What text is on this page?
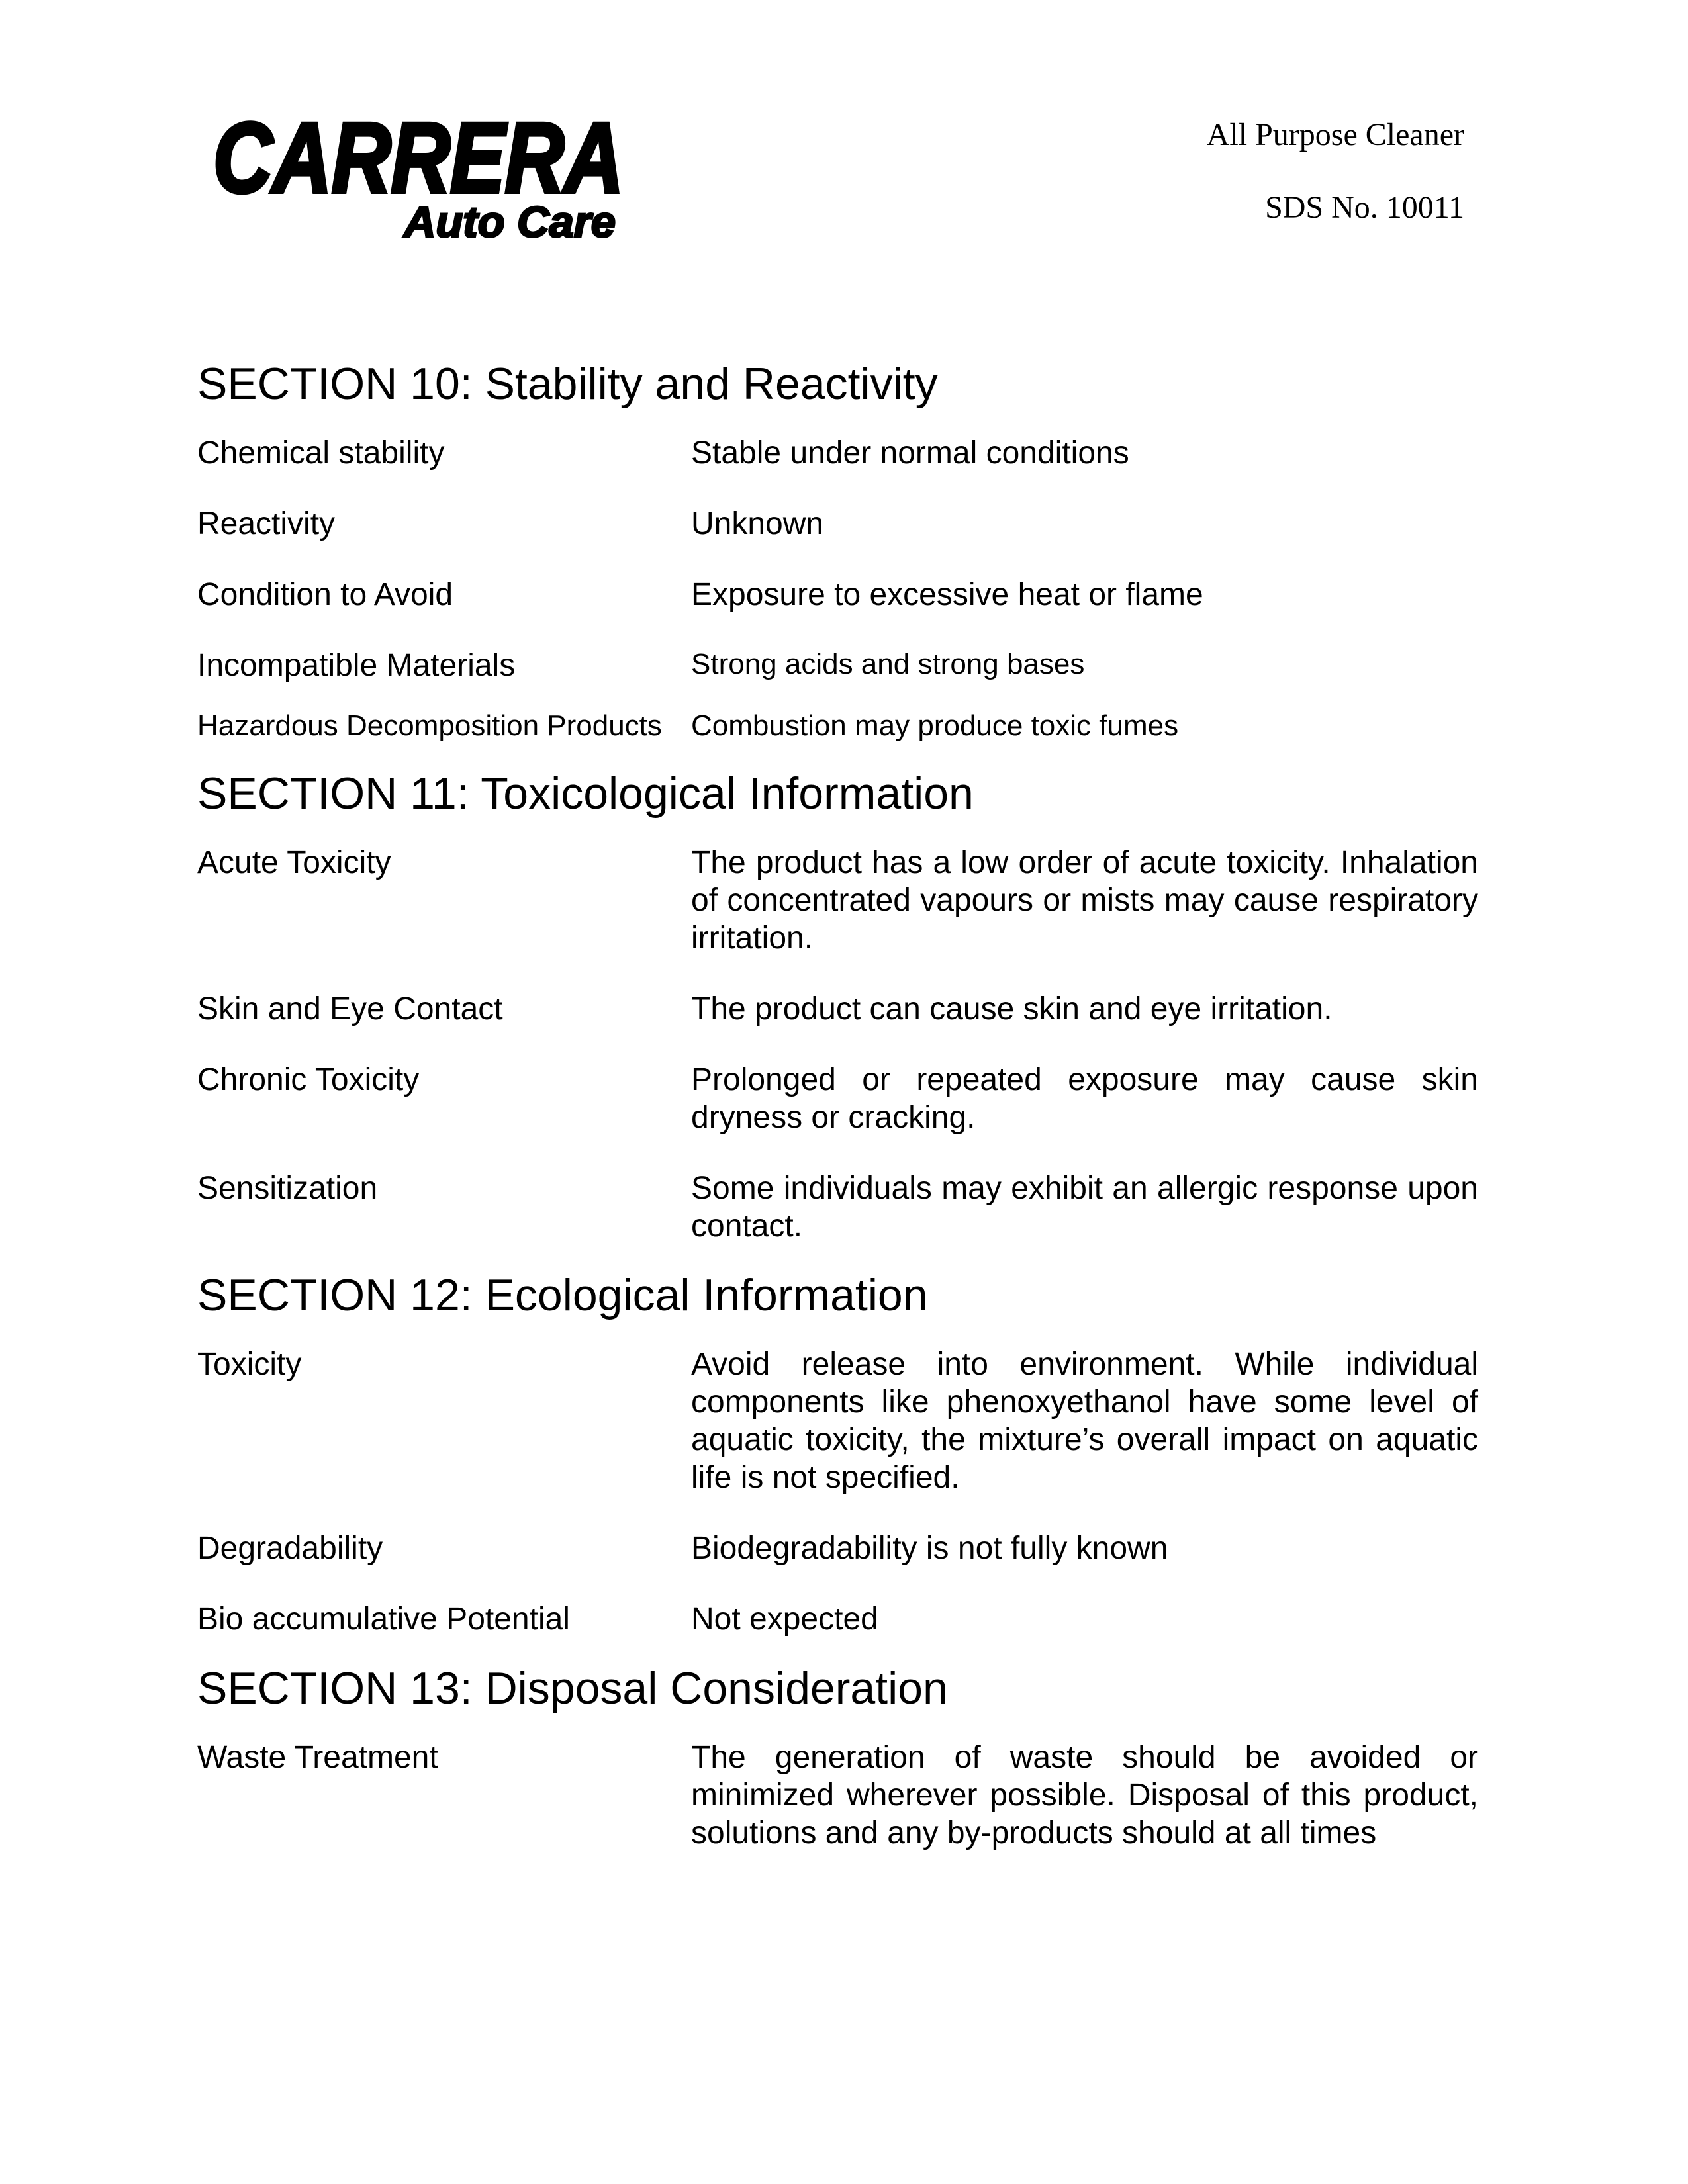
CARRERA
Auto Care
All Purpose Cleaner
SDS No. 10011
SECTION 10: Stability and Reactivity
Chemical stability	Stable under normal conditions
Reactivity	Unknown
Condition to Avoid	Exposure to excessive heat or flame
Incompatible Materials	Strong acids and strong bases
Hazardous Decomposition Products	Combustion may produce toxic fumes
SECTION 11: Toxicological Information
Acute Toxicity	The product has a low order of acute toxicity. Inhalation of concentrated vapours or mists may cause respiratory irritation.
Skin and Eye Contact	The product can cause skin and eye irritation.
Chronic Toxicity	Prolonged or repeated exposure may cause skin dryness or cracking.
Sensitization	Some individuals may exhibit an allergic response upon contact.
SECTION 12: Ecological Information
Toxicity	Avoid release into environment. While individual components like phenoxyethanol have some level of aquatic toxicity, the mixture’s overall impact on aquatic life is not specified.
Degradability	Biodegradability is not fully known
Bio accumulative Potential	Not expected
SECTION 13: Disposal Consideration
Waste Treatment	The generation of waste should be avoided or minimized wherever possible. Disposal of this product, solutions and any by-products should at all times
